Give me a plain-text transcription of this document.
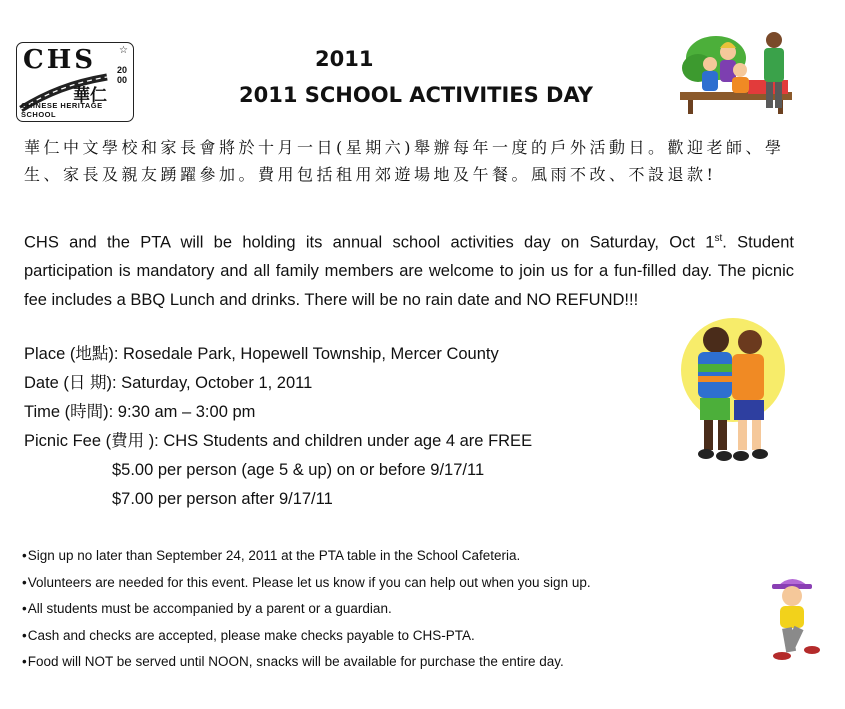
CHS ☆
2000
華仁
CHINESE HERITAGE SCHOOL
2011
2011 SCHOOL ACTIVITIES DAY
華仁中文學校和家長會將於十月一日(星期六)舉辦每年一度的戶外活動日。歡迎老師、學生、家長及親友踴躍參加。費用包括租用郊遊場地及午餐。風雨不改、不設退款!
CHS and the PTA will be holding its annual school activities day on Saturday, Oct 1st. Student participation is mandatory and all family members are welcome to join us for a fun-filled day. The picnic fee includes a BBQ Lunch and drinks. There will be no rain date and NO REFUND!!!
Place (地點): Rosedale Park, Hopewell Township, Mercer County
Date (日 期): Saturday, October 1, 2011
Time (時間): 9:30 am – 3:00 pm
Picnic Fee (費用 ): CHS Students and children under age 4 are FREE
$5.00 per person (age 5 & up) on or before 9/17/11
$7.00 per person after 9/17/11
• Sign up no later than September 24, 2011 at the PTA table in the School Cafeteria.
• Volunteers are needed for this event. Please let us know if you can help out when you sign up.
• All students must be accompanied by a parent or a guardian.
• Cash and checks are accepted, please make checks payable to CHS-PTA.
• Food will NOT be served until NOON, snacks will be available for purchase the entire day.
